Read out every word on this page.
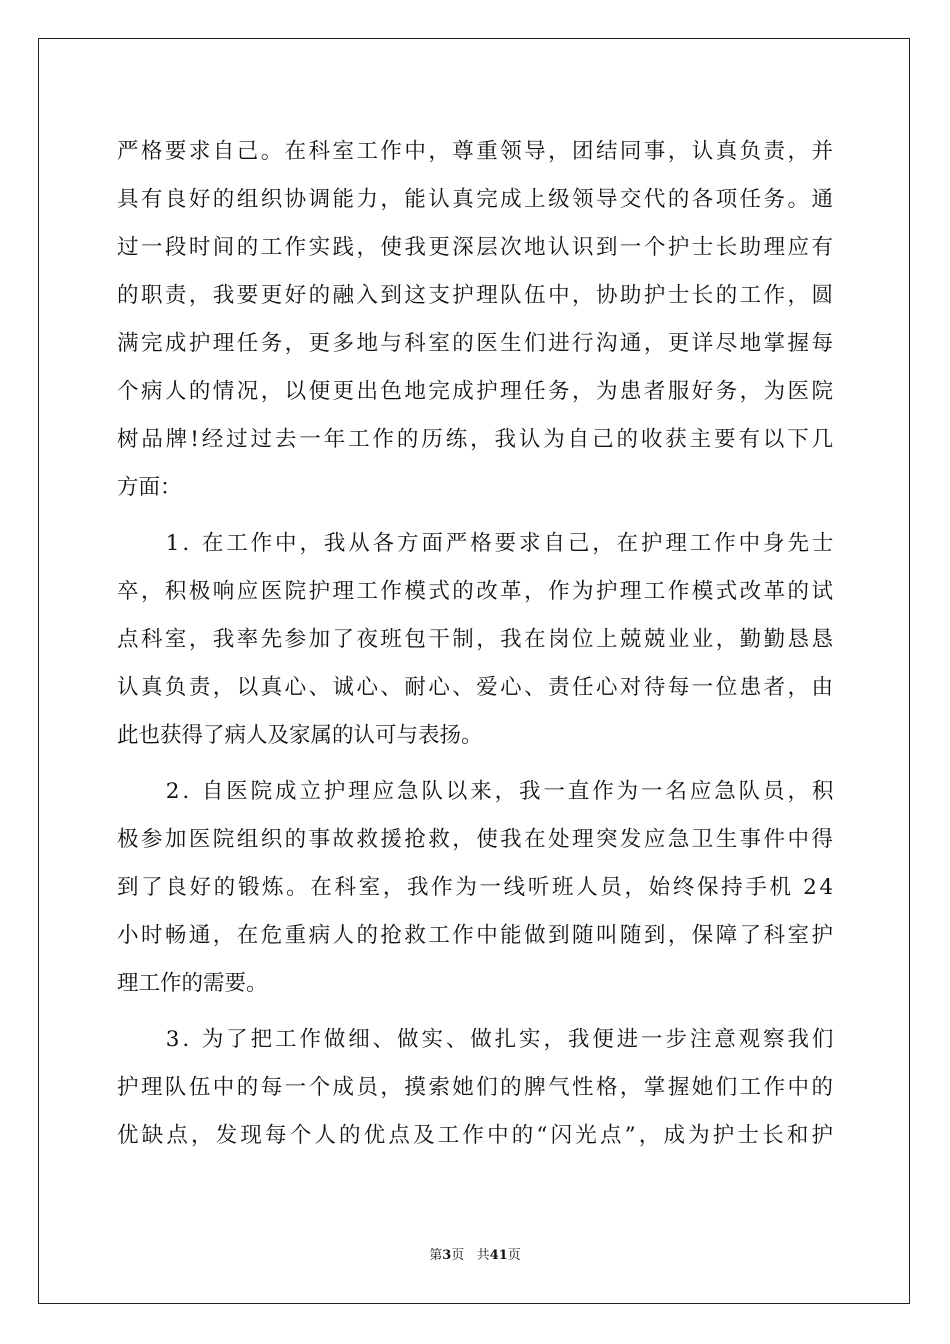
严格要求自己。在科室工作中，尊重领导，团结同事，认真负责，并
具有良好的组织协调能力，能认真完成上级领导交代的各项任务。通
过一段时间的工作实践，使我更深层次地认识到一个护士长助理应有
的职责，我要更好的融入到这支护理队伍中，协助护士长的工作，圆
满完成护理任务，更多地与科室的医生们进行沟通，更详尽地掌握每
个病人的情况，以便更出色地完成护理任务，为患者服好务，为医院
树品牌!经过过去一年工作的历练，我认为自己的收获主要有以下几
方面：
　　1. 在工作中，我从各方面严格要求自己，在护理工作中身先士
卒，积极响应医院护理工作模式的改革，作为护理工作模式改革的试
点科室，我率先参加了夜班包干制，我在岗位上兢兢业业，勤勤恳恳
认真负责，以真心、诚心、耐心、爱心、责任心对待每一位患者，由
此也获得了病人及家属的认可与表扬。
　　2. 自医院成立护理应急队以来，我一直作为一名应急队员，积
极参加医院组织的事故救援抢救，使我在处理突发应急卫生事件中得
到了良好的锻炼。在科室，我作为一线听班人员，始终保持手机 24
小时畅通，在危重病人的抢救工作中能做到随叫随到，保障了科室护
理工作的需要。
　　3. 为了把工作做细、做实、做扎实，我便进一步注意观察我们
护理队伍中的每一个成员，摸索她们的脾气性格，掌握她们工作中的
优缺点，发现每个人的优点及工作中的“闪光点”，成为护士长和护
第3页 共41页
